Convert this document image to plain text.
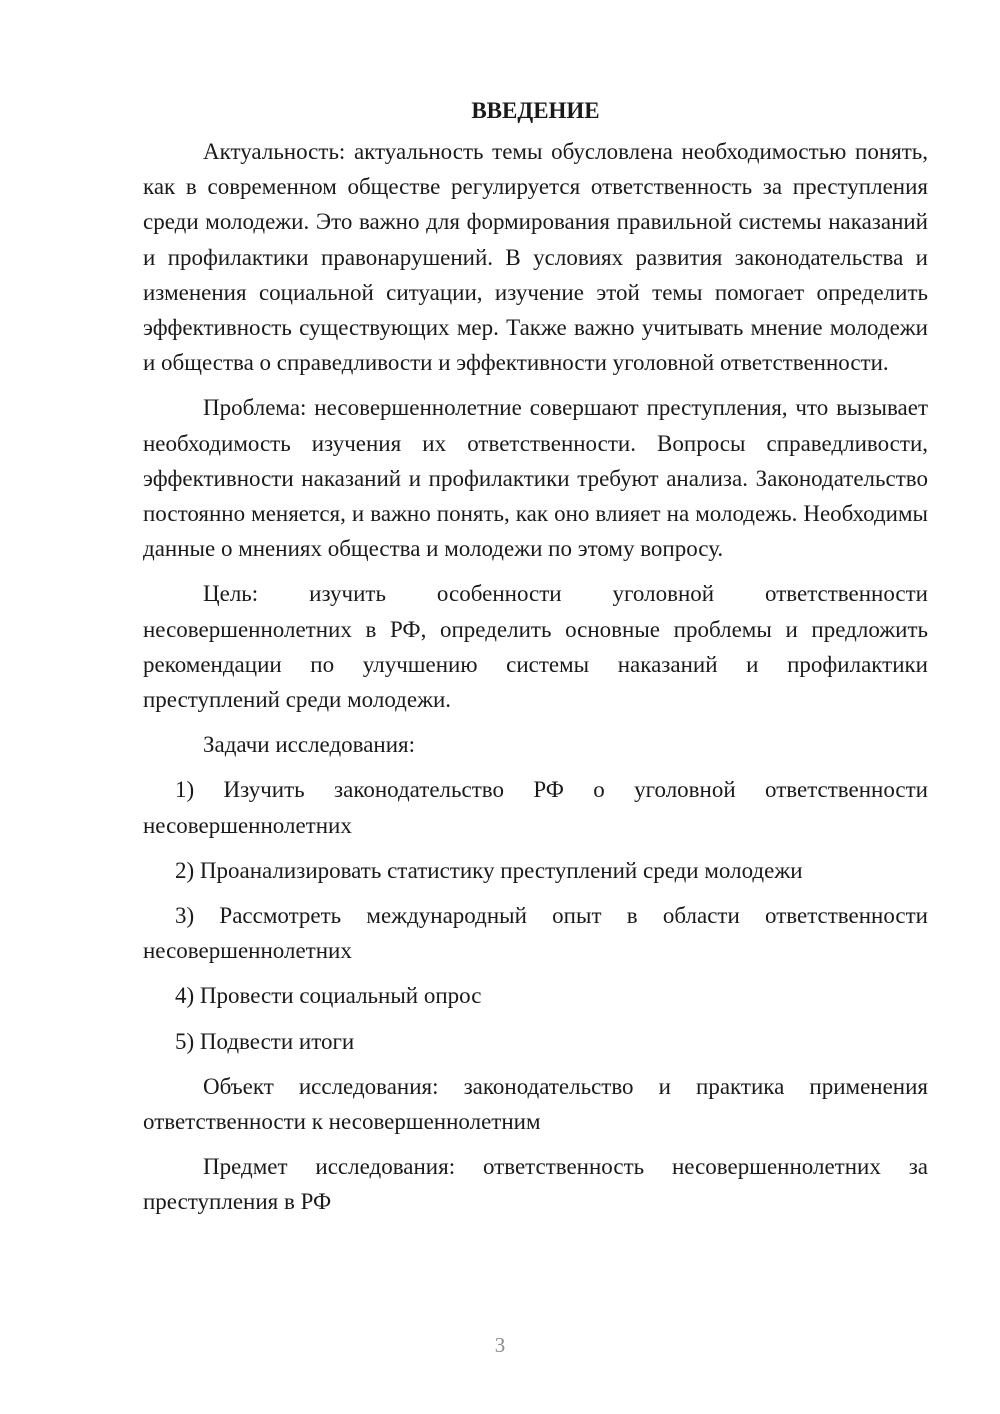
ВВЕДЕНИЕ

Актуальность: актуальность темы обусловлена необходимостью понять, как в современном обществе регулируется ответственность за преступления среди молодежи. Это важно для формирования правильной системы наказаний и профилактики правонарушений. В условиях развития законодательства и изменения социальной ситуации, изучение этой темы помогает определить эффективность существующих мер. Также важно учитывать мнение молодежи и общества о справедливости и эффективности уголовной ответственности.

Проблема: несовершеннолетние совершают преступления, что вызывает необходимость изучения их ответственности. Вопросы справедливости, эффективности наказаний и профилактики требуют анализа. Законодательство постоянно меняется, и важно понять, как оно влияет на молодежь. Необходимы данные о мнениях общества и молодежи по этому вопросу.

Цель: изучить особенности уголовной ответственности несовершеннолетних в РФ, определить основные проблемы и предложить рекомендации по улучшению системы наказаний и профилактики преступлений среди молодежи.

Задачи исследования:

1) Изучить законодательство РФ о уголовной ответственности несовершеннолетних

2) Проанализировать статистику преступлений среди молодежи

3) Рассмотреть международный опыт в области ответственности несовершеннолетних

4) Провести социальный опрос

5) Подвести итоги

Объект исследования: законодательство и практика применения ответственности к несовершеннолетним

Предмет исследования: ответственность несовершеннолетних за преступления в РФ

3
